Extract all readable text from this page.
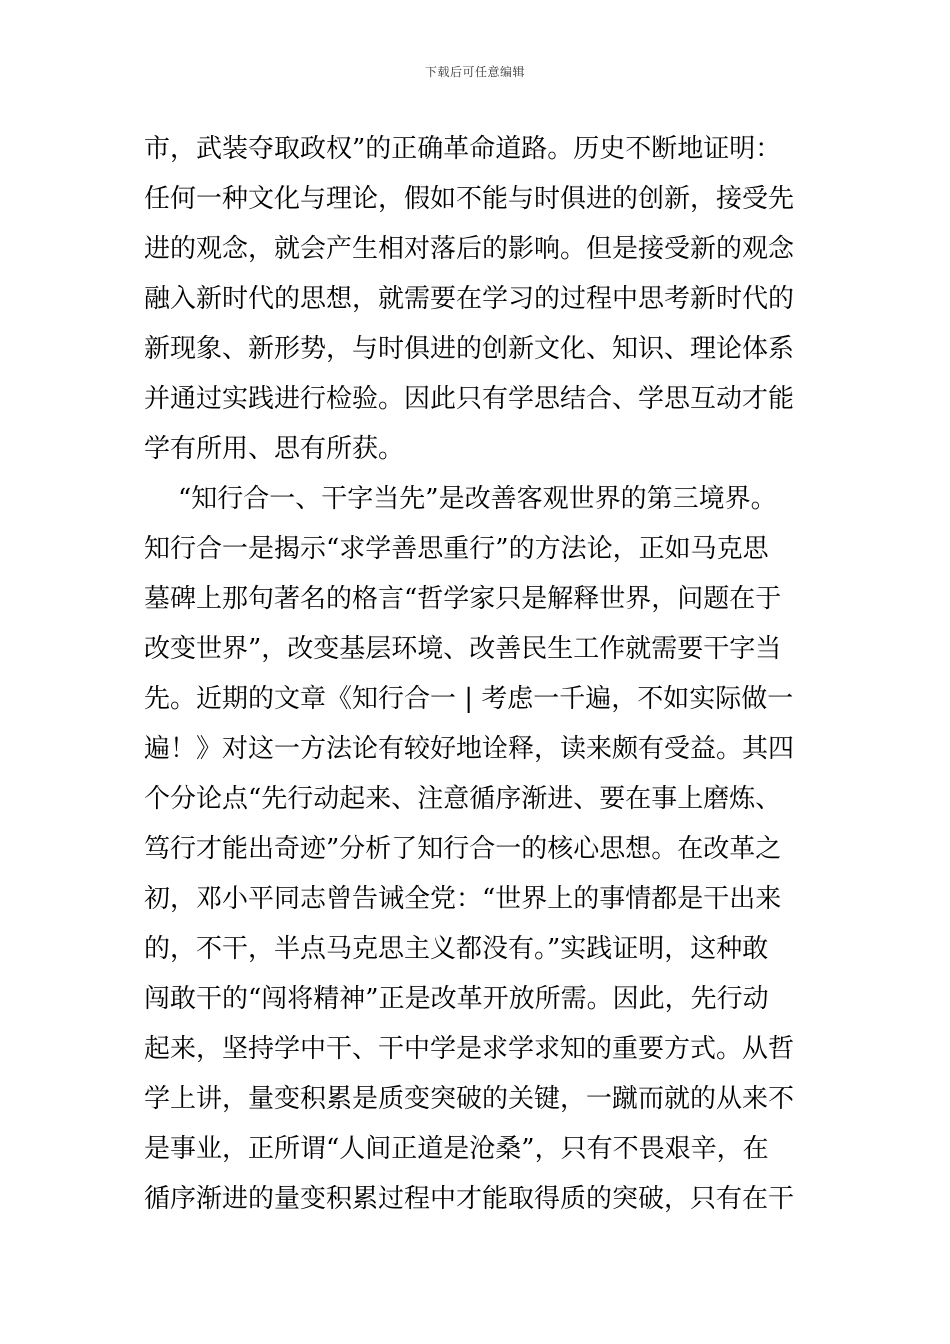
下载后可任意编辑
市，武装夺取政权”的正确革命道路。历史不断地证明：
任何一种文化与理论，假如不能与时俱进的创新，接受先
进的观念，就会产生相对落后的影响。但是接受新的观念
融入新时代的思想，就需要在学习的过程中思考新时代的
新现象、新形势，与时俱进的创新文化、知识、理论体系
并通过实践进行检验。因此只有学思结合、学思互动才能
学有所用、思有所获。
“知行合一、干字当先”是改善客观世界的第三境界。
知行合一是揭示“求学善思重行”的方法论，正如马克思
墓碑上那句著名的格言“哲学家只是解释世界，问题在于
改变世界”，改变基层环境、改善民生工作就需要干字当
先。近期的文章《知行合一 | 考虑一千遍，不如实际做一
遍！》对这一方法论有较好地诠释，读来颇有受益。其四
个分论点“先行动起来、注意循序渐进、要在事上磨炼、
笃行才能出奇迹”分析了知行合一的核心思想。在改革之
初，邓小平同志曾告诫全党：“世界上的事情都是干出来
的，不干，半点马克思主义都没有。”实践证明，这种敢
闯敢干的“闯将精神”正是改革开放所需。因此，先行动
起来，坚持学中干、干中学是求学求知的重要方式。从哲
学上讲，量变积累是质变突破的关键，一蹴而就的从来不
是事业，正所谓“人间正道是沧桑”，只有不畏艰辛，在
循序渐进的量变积累过程中才能取得质的突破，只有在干
